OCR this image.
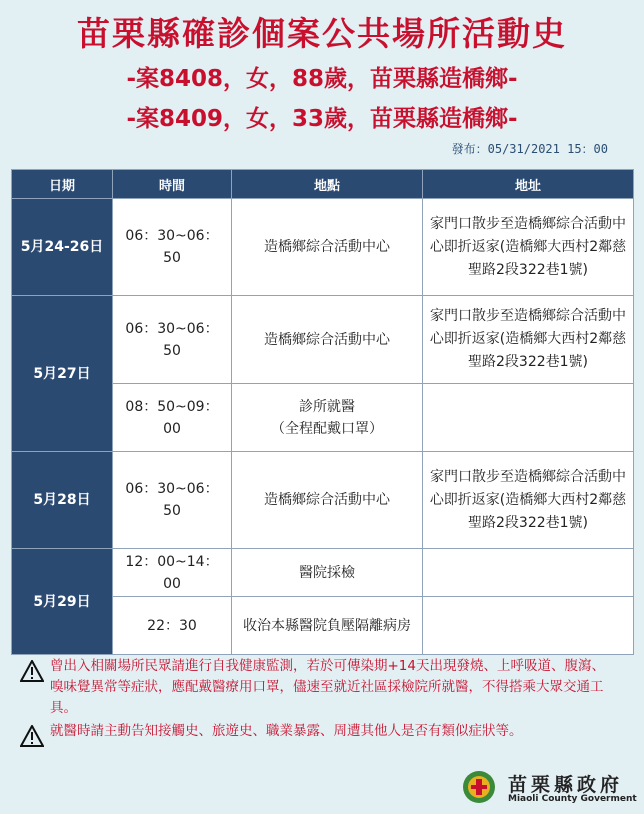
苗栗縣確診個案公共場所活動史
-案8408，女，88歲，苗栗縣造橋鄉-
-案8409，女，33歲，苗栗縣造橋鄉-
發布：05/31/2021 15：00
日期	時間	地點	地址
5月24-26日	06：30~06：50	造橋鄉綜合活動中心	家門口散步至造橋鄉綜合活動中心即折返家(造橋鄉大西村2鄰慈聖路2段322巷1號)
5月27日	06：30~06：50	造橋鄉綜合活動中心	家門口散步至造橋鄉綜合活動中心即折返家(造橋鄉大西村2鄰慈聖路2段322巷1號)
	08：50~09：00	診所就醫
（全程配戴口罩）	
5月28日	06：30~06：50	造橋鄉綜合活動中心	家門口散步至造橋鄉綜合活動中心即折返家(造橋鄉大西村2鄰慈聖路2段322巷1號)
5月29日	12：00~14：00	醫院採檢	
	22：30	收治本縣醫院負壓隔離病房	
曾出入相關場所民眾請進行自我健康監測，若於可傳染期+14天出現發燒、上呼吸道、腹瀉、嗅味覺異常等症狀，應配戴醫療用口罩，儘速至就近社區採檢院所就醫，不得搭乘大眾交通工具。
就醫時請主動告知接觸史、旅遊史、職業暴露、周遭其他人是否有類似症狀等。
苗栗縣政府
Miaoli County Goverment
